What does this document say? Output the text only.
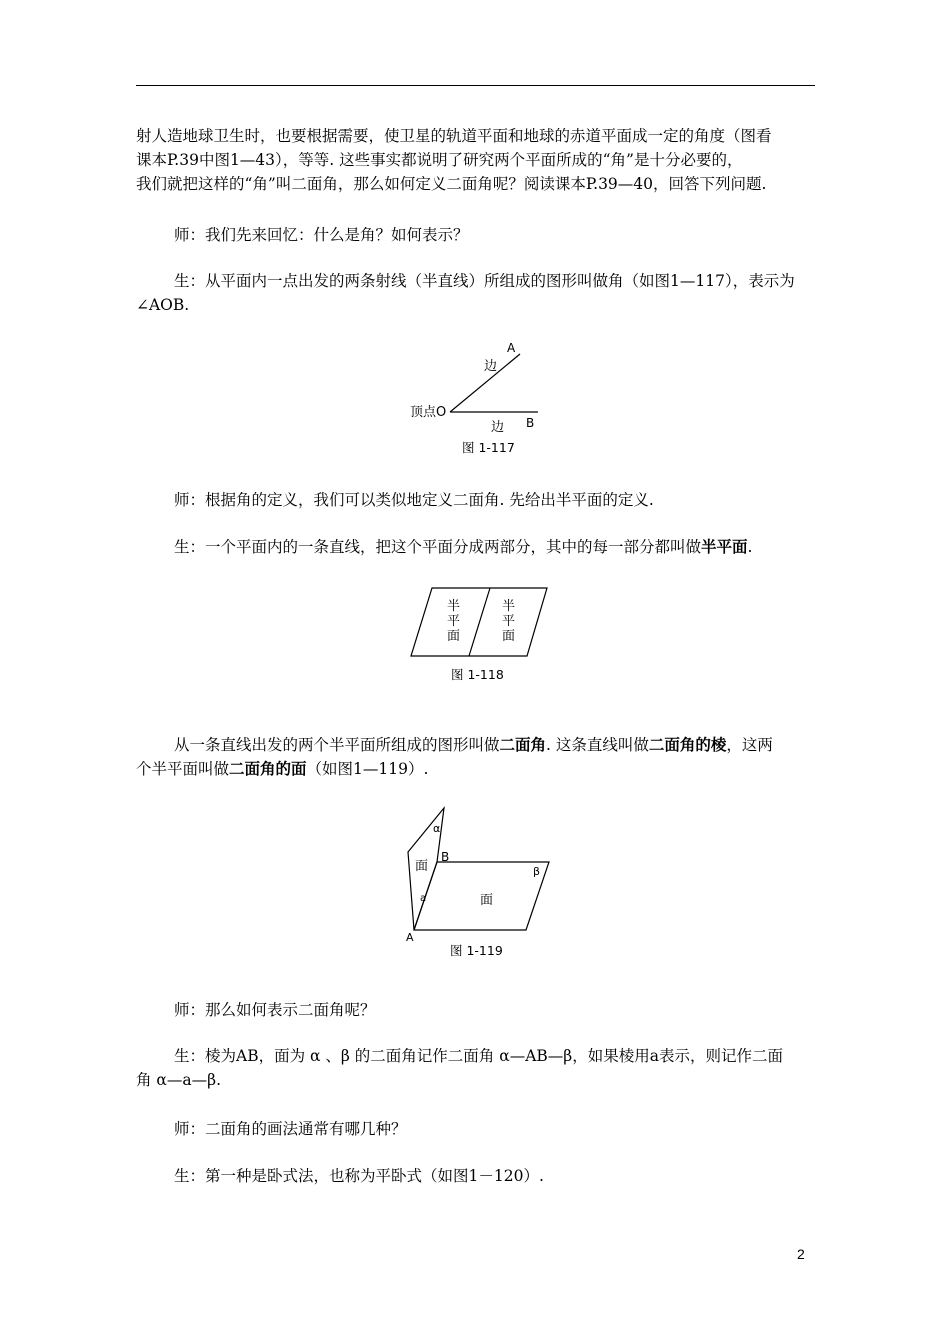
射人造地球卫生时，也要根据需要，使卫星的轨道平面和地球的赤道平面成一定的角度（图看
课本P.39中图1—43），等等. 这些事实都说明了研究两个平面所成的“角”是十分必要的，
我们就把这样的“角”叫二面角，那么如何定义二面角呢？阅读课本P.39—40，回答下列问题.

师：我们先来回忆：什么是角？如何表示？

生：从平面内一点出发的两条射线（半直线）所组成的图形叫做角（如图1—117），表示为
∠AOB.

A
边
顶点O
边 B
图 1-117

师：根据角的定义，我们可以类似地定义二面角. 先给出半平面的定义.

生：一个平面内的一条直线，把这个平面分成两部分，其中的每一部分都叫做半平面.

半
平
面
半
平
面
图 1-118

从一条直线出发的两个半平面所组成的图形叫做二面角. 这条直线叫做二面角的棱，这两
个半平面叫做二面角的面（如图1—119）.

α
面
B
β
a	面
A
图 1-119

师：那么如何表示二面角呢？

生：棱为AB，面为 α 、β 的二面角记作二面角 α—AB—β，如果棱用a表示，则记作二面
角 α—a—β.

师：二面角的画法通常有哪几种？

生：第一种是卧式法，也称为平卧式（如图1－120）.

2
